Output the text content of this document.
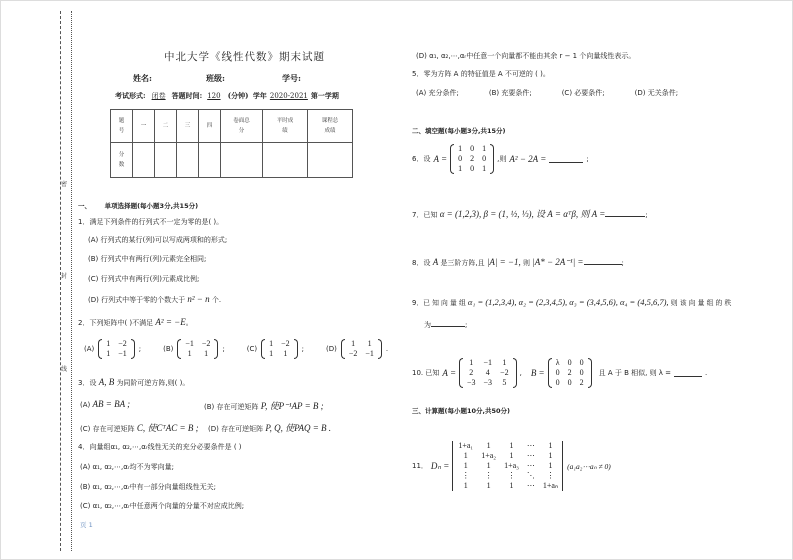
密
封
线
中北大学《线性代数》期末试题
姓名:	班级:	学号:
考试形式: 闭卷 答题时间: 120 (分钟) 学年 2020-2021 第一学期
题号	一	二	三	四	卷面总分	平时成绩	课程总成绩
分数							
一、 单项选择题(每小题3分,共15分)
1．满足下列条件的行列式不一定为零的是( )。
(A) 行列式的某行(列)可以写成两项和的形式;
(B) 行列式中有两行(列)元素完全相同;
(C) 行列式中有两行(列)元素成比例;
(D) 行列式中等于零的个数大于 n² − n 个.
2．下列矩阵中( )不满足 A² = −E。
(A)
1	−2
1	−1 ;	(B)
−1	−2
1	1 ;	(C)
1	−2
1	1 ;	(D)
1	1
−2	−1 .
3．设 A, B 为同阶可逆方阵,则( )。
(A) AB = BA ;	(B) 存在可逆矩阵 P, 使P⁻¹AP = B ;
(C) 存在可逆矩阵 C, 使CᵀAC = B ; (D) 存在可逆矩阵 P, Q, 使PAQ = B .
4．向量组α₁, α₂,⋯,αᵣ线性无关的充分必要条件是 ( )
(A) α₁, α₂,⋯,αᵣ均不为零向量;
(B) α₁, α₂,⋯,αᵣ中有一部分向量组线性无关;
(C) α₁, α₂,⋯,αᵣ中任意两个向量的分量不对应成比例;
页 1
(D) α₁, α₂,⋯,αᵣ中任意一个向量都不能由其余 r − 1 个向量线性表示。
5．零为方阵 A 的特征值是 A 不可逆的 ( )。
(A) 充分条件;	(B) 充要条件;	(C) 必要条件;	(D) 无关条件;
二、填空题(每小题3分,共15分)
6．设 A =
1	0	1
0	2	0
1	0	1
,则 A² − 2A =	;
7．已知 α = (1,2,3), β = (1, ½, ⅓), 设 A = αᵀβ, 则 A =	;
8．设 A 是三阶方阵,且 |A| = −1, 则 |A* − 2A⁻¹| =	;
9．已 知 向 量 组 α₁ = (1,2,3,4), α₂ = (2,3,4,5), α₃ = (3,4,5,6), α₄ = (4,5,6,7), 则 该 向 量 组 的 秩
为	;
10. 已知 A =
1	−1	1
2	4	−2
−3	−3	5
, B =
λ	0	0
0	2	0
0	0	2
且 A 于 B 相似, 则 λ =	.
三、计算题(每小题10分,共50分)
11． Dₙ =
1+a₁	1	1	⋯	1
1	1+a₂	1	⋯	1
1	1	1+a₃	⋯	1
⋮	⋮	⋮	⋱	⋮
1	1	1	⋯	1+aₙ
(a₁a₂⋯aₙ ≠ 0)
